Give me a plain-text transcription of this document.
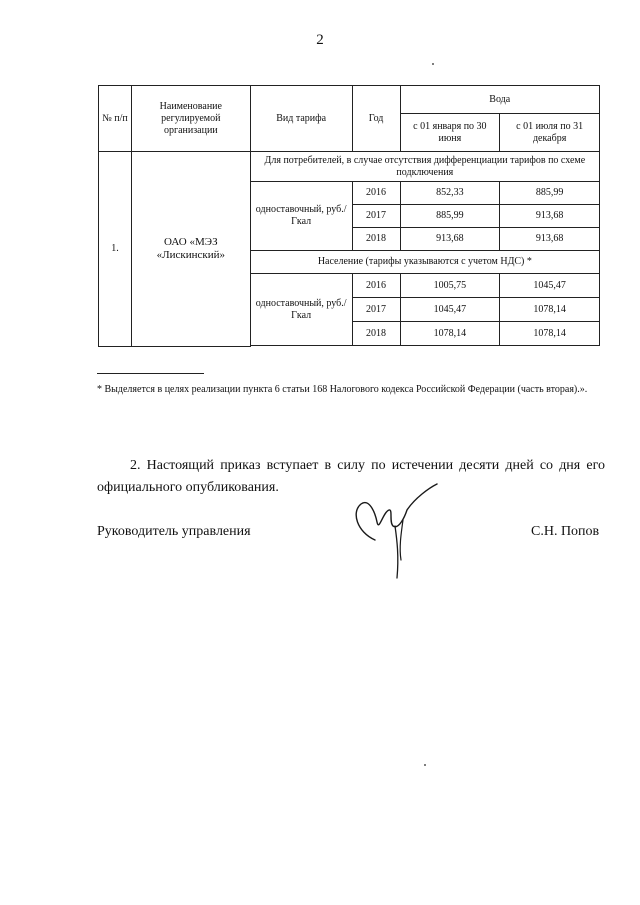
2
№ п/п	Наименование регулируемой организации	Вид тарифа	Год	Вода	
				с 01 января по 30 июня	с 01 июля по 31 декабря
1.	ОАО «МЭЗ «Лискинский»	Для потребителей, в случае отсутствия дифференциации тарифов по схеме подключения			
		одноставочный, руб./Гкал	2016	852,33	885,99
			2017	885,99	913,68
			2018	913,68	913,68
		Население (тарифы указываются с учетом НДС) *			
		одноставочный, руб./Гкал	2016	1005,75	1045,47
			2017	1045,47	1078,14
			2018	1078,14	1078,14

* Выделяется в целях реализации пункта 6 статьи 168 Налогового кодекса Российской Федерации (часть вторая).».
2. Настоящий приказ вступает в силу по истечении десяти дней со дня его официального опубликования.
Руководитель управления	С.Н. Попов
